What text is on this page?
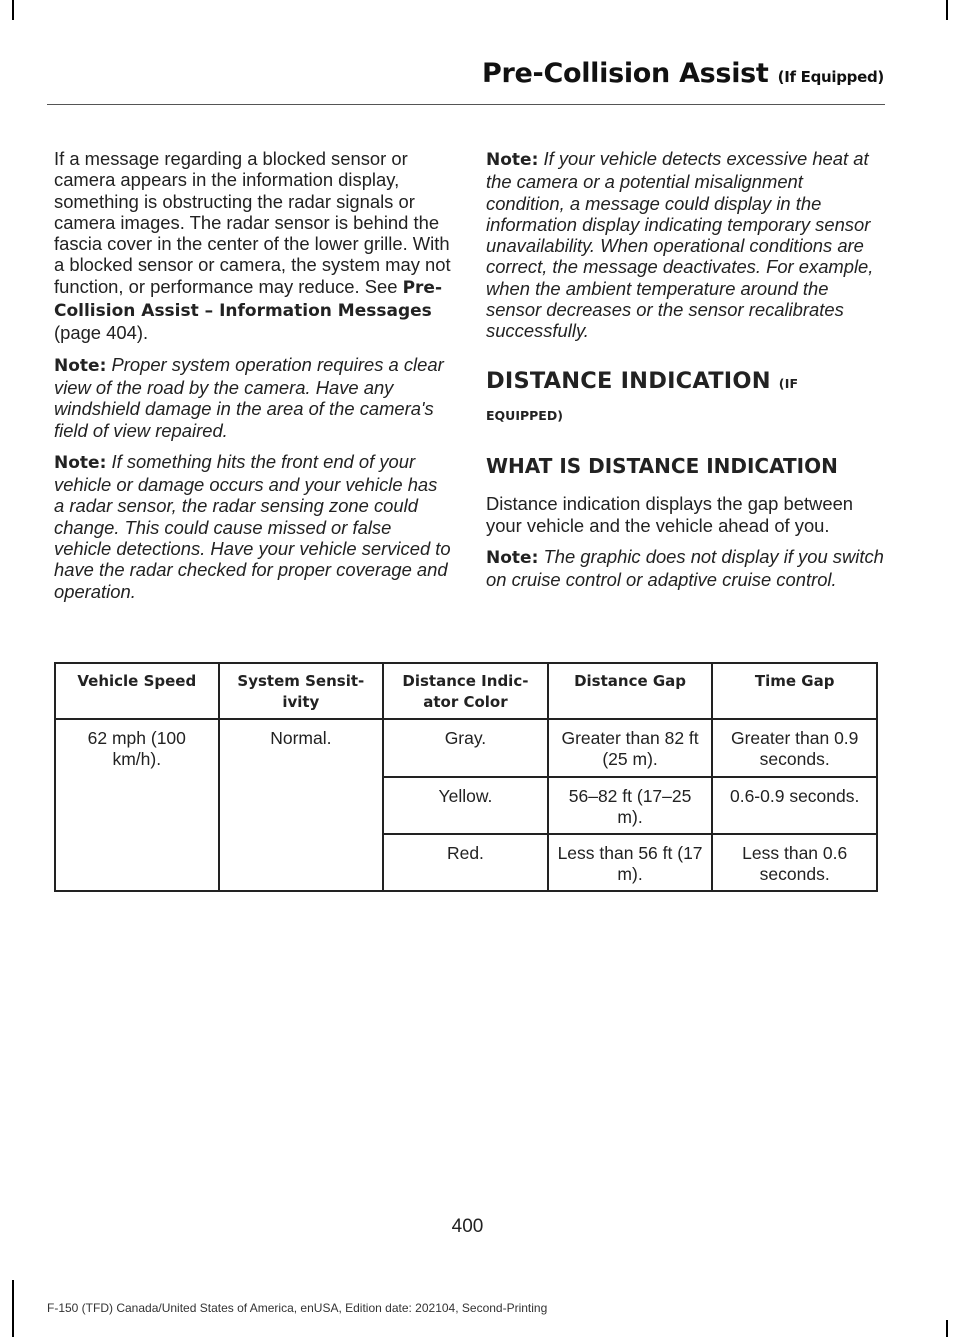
Pre-Collision Assist (If Equipped)

If a message regarding a blocked sensor or camera appears in the information display, something is obstructing the radar signals or camera images. The radar sensor is behind the fascia cover in the center of the lower grille. With a blocked sensor or camera, the system may not function, or performance may reduce. See Pre-Collision Assist – Information Messages (page 404).

Note: Proper system operation requires a clear view of the road by the camera. Have any windshield damage in the area of the camera's field of view repaired.

Note: If something hits the front end of your vehicle or damage occurs and your vehicle has a radar sensor, the radar sensing zone could change. This could cause missed or false vehicle detections. Have your vehicle serviced to have the radar checked for proper coverage and operation.

Note: If your vehicle detects excessive heat at the camera or a potential misalignment condition, a message could display in the information display indicating temporary sensor unavailability. When operational conditions are correct, the message deactivates. For example, when the ambient temperature around the sensor decreases or the sensor recalibrates successfully.

DISTANCE INDICATION (IF
EQUIPPED)
WHAT IS DISTANCE INDICATION

Distance indication displays the gap between your vehicle and the vehicle ahead of you.

Note: The graphic does not display if you switch on cruise control or adaptive cruise control.

Vehicle Speed	System Sensit-ivity	Distance Indic-ator Color	Distance Gap	Time Gap
62 mph (100 km/h).	Normal.	Gray.	Greater than 82 ft (25 m).	Greater than 0.9 seconds.
		Yellow.	56–82 ft (17–25 m).	0.6-0.9 seconds.
		Red.	Less than 56 ft (17 m).	Less than 0.6 seconds.
400
F-150 (TFD) Canada/United States of America, enUSA, Edition date: 202104, Second-Printing
